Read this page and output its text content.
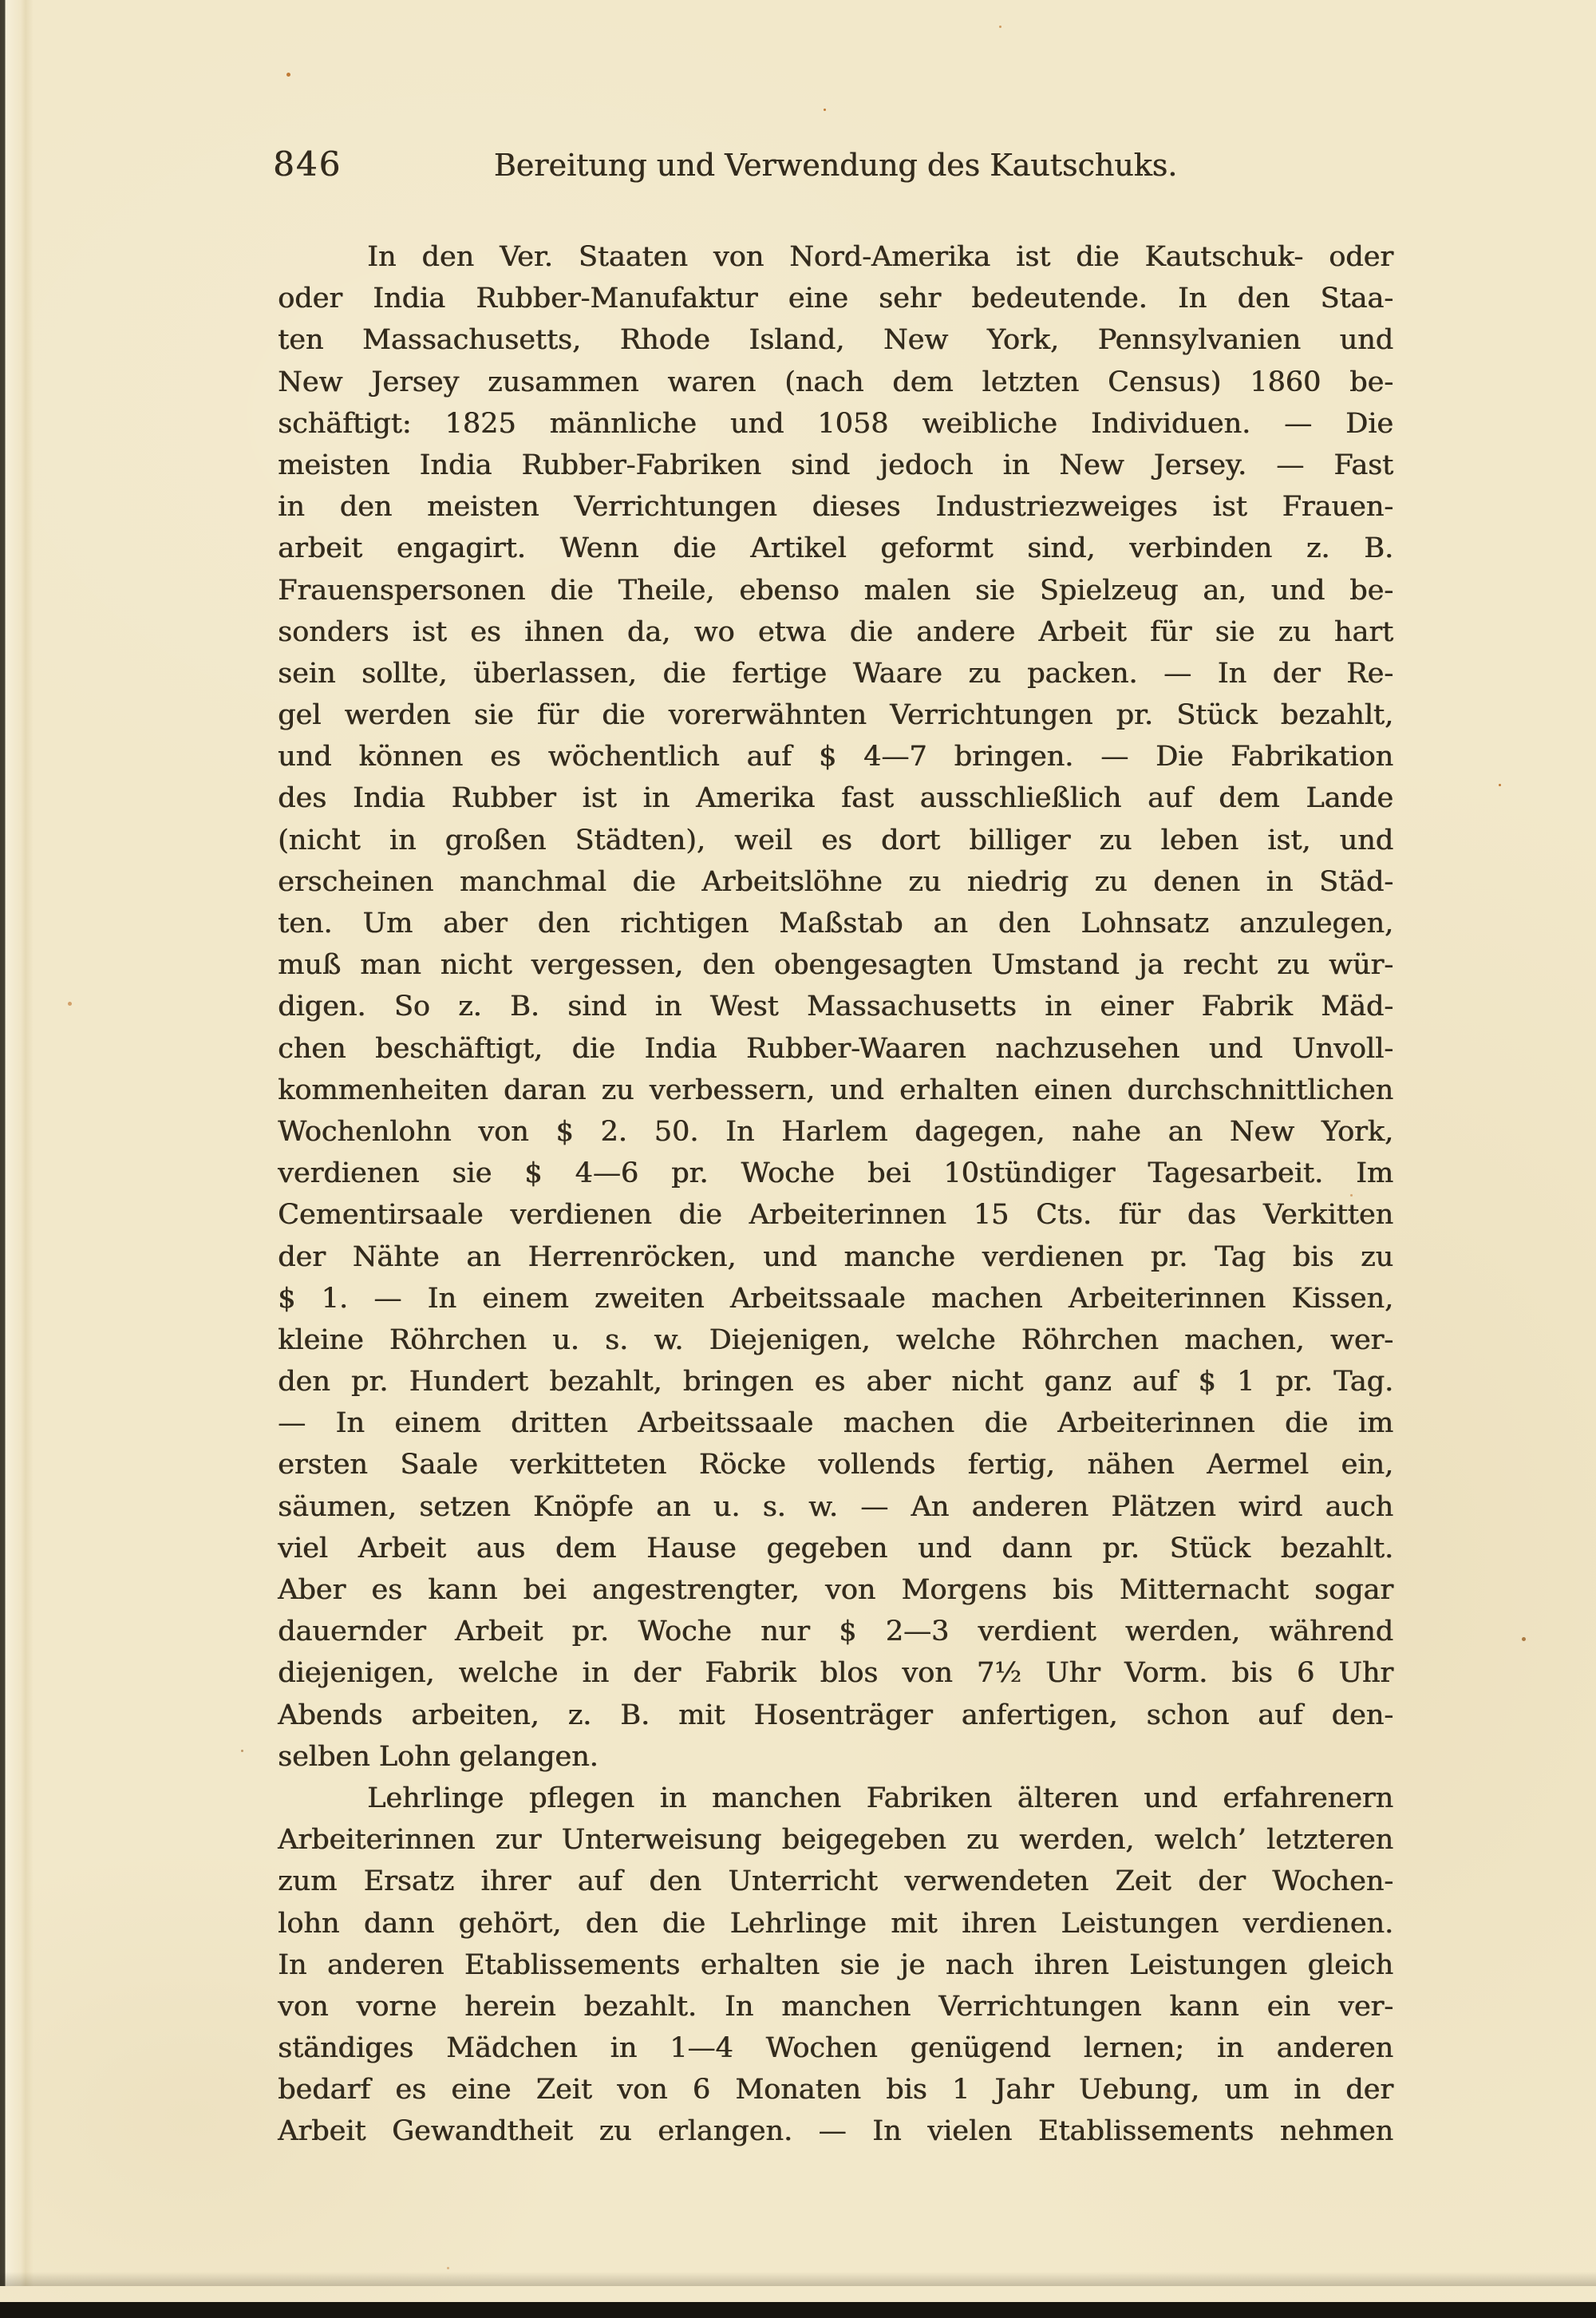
846	Bereitung und Verwendung des Kautschuks.
In den Ver. Staaten von Nord-Amerika ist die Kautschuk- oder
oder India Rubber-Manufaktur eine sehr bedeutende. In den Staa-
ten Massachusetts, Rhode Island, New York, Pennsylvanien und
New Jersey zusammen waren (nach dem letzten Census) 1860 be-
schäftigt: 1825 männliche und 1058 weibliche Individuen. — Die
meisten India Rubber-Fabriken sind jedoch in New Jersey. — Fast
in den meisten Verrichtungen dieses Industriezweiges ist Frauen-
arbeit engagirt. Wenn die Artikel geformt sind, verbinden z. B.
Frauenspersonen die Theile, ebenso malen sie Spielzeug an, und be-
sonders ist es ihnen da, wo etwa die andere Arbeit für sie zu hart
sein sollte, überlassen, die fertige Waare zu packen. — In der Re-
gel werden sie für die vorerwähnten Verrichtungen pr. Stück bezahlt,
und können es wöchentlich auf $ 4—7 bringen. — Die Fabrikation
des India Rubber ist in Amerika fast ausschließlich auf dem Lande
(nicht in großen Städten), weil es dort billiger zu leben ist, und
erscheinen manchmal die Arbeitslöhne zu niedrig zu denen in Städ-
ten. Um aber den richtigen Maßstab an den Lohnsatz anzulegen,
muß man nicht vergessen, den obengesagten Umstand ja recht zu wür-
digen. So z. B. sind in West Massachusetts in einer Fabrik Mäd-
chen beschäftigt, die India Rubber-Waaren nachzusehen und Unvoll-
kommenheiten daran zu verbessern, und erhalten einen durchschnittlichen
Wochenlohn von $ 2. 50. In Harlem dagegen, nahe an New York,
verdienen sie $ 4—6 pr. Woche bei 10stündiger Tagesarbeit. Im
Cementirsaale verdienen die Arbeiterinnen 15 Cts. für das Verkitten
der Nähte an Herrenröcken, und manche verdienen pr. Tag bis zu
$ 1. — In einem zweiten Arbeitssaale machen Arbeiterinnen Kissen,
kleine Röhrchen u. s. w. Diejenigen, welche Röhrchen machen, wer-
den pr. Hundert bezahlt, bringen es aber nicht ganz auf $ 1 pr. Tag.
— In einem dritten Arbeitssaale machen die Arbeiterinnen die im
ersten Saale verkitteten Röcke vollends fertig, nähen Aermel ein,
säumen, setzen Knöpfe an u. s. w. — An anderen Plätzen wird auch
viel Arbeit aus dem Hause gegeben und dann pr. Stück bezahlt.
Aber es kann bei angestrengter, von Morgens bis Mitternacht sogar
dauernder Arbeit pr. Woche nur $ 2—3 verdient werden, während
diejenigen, welche in der Fabrik blos von 7½ Uhr Vorm. bis 6 Uhr
Abends arbeiten, z. B. mit Hosenträger anfertigen, schon auf den-
selben Lohn gelangen.
Lehrlinge pflegen in manchen Fabriken älteren und erfahrenern
Arbeiterinnen zur Unterweisung beigegeben zu werden, welch’ letzteren
zum Ersatz ihrer auf den Unterricht verwendeten Zeit der Wochen-
lohn dann gehört, den die Lehrlinge mit ihren Leistungen verdienen.
In anderen Etablissements erhalten sie je nach ihren Leistungen gleich
von vorne herein bezahlt. In manchen Verrichtungen kann ein ver-
ständiges Mädchen in 1—4 Wochen genügend lernen; in anderen
bedarf es eine Zeit von 6 Monaten bis 1 Jahr Uebung, um in der
Arbeit Gewandtheit zu erlangen. — In vielen Etablissements nehmen
